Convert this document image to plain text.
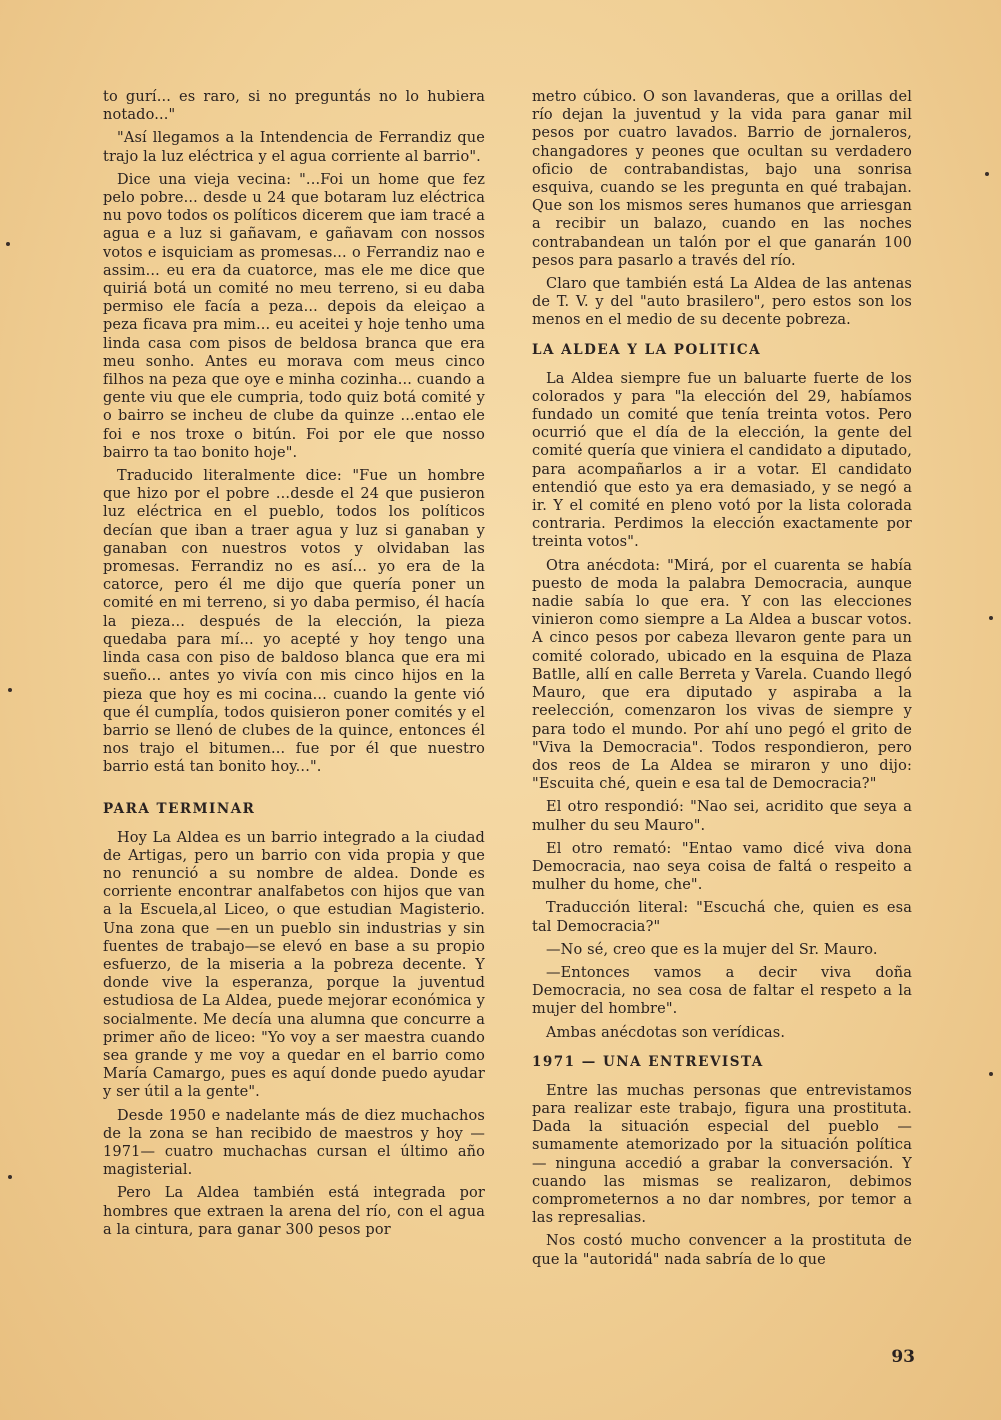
to gurí... es raro, si no preguntás no lo hubiera notado..."

"Así llegamos a la Intendencia de Ferrandiz que trajo la luz eléctrica y el agua corriente al barrio".

Dice una vieja vecina: "...Foi un home que fez pelo pobre... desde u 24 que botaram luz eléctrica nu povo todos os políticos dicerem que iam tracé a agua e a luz si gañavam, e gañavam con nossos votos e isquiciam as promesas... o Ferrandiz nao e assim... eu era da cuatorce, mas ele me dice que quiriá botá un comité no meu terreno, si eu daba permiso ele facía a peza... depois da eleiçao a peza ficava pra mim... eu aceitei y hoje tenho uma linda casa com pisos de beldosa branca que era meu sonho. Antes eu morava com meus cinco filhos na peza que oye e minha cozinha... cuando a gente viu que ele cumpria, todo quiz botá comité y o bairro se incheu de clube da quinze ...entao ele foi e nos troxe o bitún. Foi por ele que nosso bairro ta tao bonito hoje".

Traducido literalmente dice: "Fue un hombre que hizo por el pobre ...desde el 24 que pusieron luz eléctrica en el pueblo, todos los políticos decían que iban a traer agua y luz si ganaban y ganaban con nuestros votos y olvidaban las promesas. Ferrandiz no es así... yo era de la catorce, pero él me dijo que quería poner un comité en mi terreno, si yo daba permiso, él hacía la pieza... después de la elección, la pieza quedaba para mí... yo acepté y hoy tengo una linda casa con piso de baldoso blanca que era mi sueño... antes yo vivía con mis cinco hijos en la pieza que hoy es mi cocina... cuando la gente vió que él cumplía, todos quisieron poner comités y el barrio se llenó de clubes de la quince, entonces él nos trajo el bitumen... fue por él que nuestro barrio está tan bonito hoy...".

PARA TERMINAR

Hoy La Aldea es un barrio integrado a la ciudad de Artigas, pero un barrio con vida propia y que no renunció a su nombre de aldea. Donde es corriente encontrar analfabetos con hijos que van a la Escuela,al Liceo, o que estudian Magisterio. Una zona que —en un pueblo sin industrias y sin fuentes de trabajo—se elevó en base a su propio esfuerzo, de la miseria a la pobreza decente. Y donde vive la esperanza, porque la juventud estudiosa de La Aldea, puede mejorar económica y socialmente. Me decía una alumna que concurre a primer año de liceo: "Yo voy a ser maestra cuando sea grande y me voy a quedar en el barrio como María Camargo, pues es aquí donde puedo ayudar y ser útil a la gente".

Desde 1950 e nadelante más de diez muchachos de la zona se han recibido de maestros y hoy —1971— cuatro muchachas cursan el último año magisterial.

Pero La Aldea también está integrada por hombres que extraen la arena del río, con el agua a la cintura, para ganar 300 pesos por

metro cúbico. O son lavanderas, que a orillas del río dejan la juventud y la vida para ganar mil pesos por cuatro lavados. Barrio de jornaleros, changadores y peones que ocultan su verdadero oficio de contrabandistas, bajo una sonrisa esquiva, cuando se les pregunta en qué trabajan. Que son los mismos seres humanos que arriesgan a recibir un balazo, cuando en las noches contrabandean un talón por el que ganarán 100 pesos para pasarlo a través del río.

Claro que también está La Aldea de las antenas de T. V. y del "auto brasilero", pero estos son los menos en el medio de su decente pobreza.

LA ALDEA Y LA POLITICA

La Aldea siempre fue un baluarte fuerte de los colorados y para "la elección del 29, habíamos fundado un comité que tenía treinta votos. Pero ocurrió que el día de la elección, la gente del comité quería que viniera el candidato a diputado, para acompañarlos a ir a votar. El candidato entendió que esto ya era demasiado, y se negó a ir. Y el comité en pleno votó por la lista colorada contraria. Perdimos la elección exactamente por treinta votos".

Otra anécdota: "Mirá, por el cuarenta se había puesto de moda la palabra Democracia, aunque nadie sabía lo que era. Y con las elecciones vinieron como siempre a La Aldea a buscar votos. A cinco pesos por cabeza llevaron gente para un comité colorado, ubicado en la esquina de Plaza Batlle, allí en calle Berreta y Varela. Cuando llegó Mauro, que era diputado y aspiraba a la reelección, comenzaron los vivas de siempre y para todo el mundo. Por ahí uno pegó el grito de "Viva la Democracia". Todos respondieron, pero dos reos de La Aldea se miraron y uno dijo: "Escuita ché, quein e esa tal de Democracia?"

El otro respondió: "Nao sei, acridito que seya a mulher du seu Mauro".

El otro rematό: "Entao vamo dicé viva dona Democracia, nao seya coisa de faltá o respeito a mulher du home, che".

Traducción literal: "Escuchá che, quien es esa tal Democracia?"

—No sé, creo que es la mujer del Sr. Mauro.

—Entonces vamos a decir viva doña Democracia, no sea cosa de faltar el respeto a la mujer del hombre".

Ambas anécdotas son verídicas.

1971 — UNA ENTREVISTA

Entre las muchas personas que entrevistamos para realizar este trabajo, figura una prostituta. Dada la situación especial del pueblo —sumamente atemorizado por la situación política— ninguna accedió a grabar la conversación. Y cuando las mismas se realizaron, debimos comprometernos a no dar nombres, por temor a las represalias.

Nos costó mucho convencer a la prostituta de que la "autoridá" nada sabría de lo que

93
